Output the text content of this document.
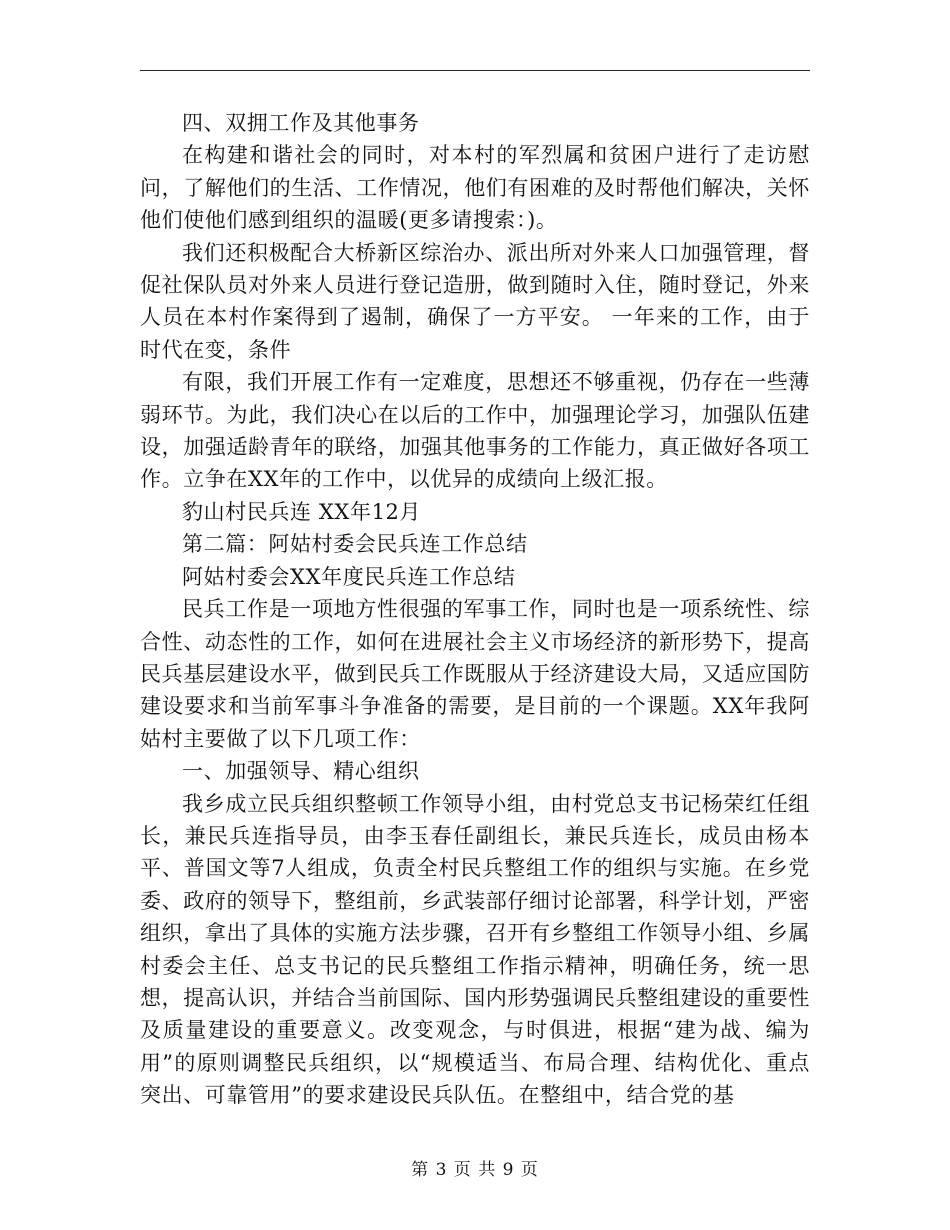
四、双拥工作及其他事务

在构建和谐社会的同时，对本村的军烈属和贫困户进行了走访慰问，了解他们的生活、工作情况，他们有困难的及时帮他们解决，关怀他们使他们感到组织的温暖(更多请搜索：)。

我们还积极配合大桥新区综治办、派出所对外来人口加强管理，督促社保队员对外来人员进行登记造册，做到随时入住，随时登记，外来人员在本村作案得到了遏制，确保了一方平安。 一年来的工作，由于时代在变，条件

有限，我们开展工作有一定难度，思想还不够重视，仍存在一些薄弱环节。为此，我们决心在以后的工作中，加强理论学习，加强队伍建设，加强适龄青年的联络，加强其他事务的工作能力，真正做好各项工作。立争在XX年的工作中，以优异的成绩向上级汇报。

豹山村民兵连 XX年12月

第二篇：阿姑村委会民兵连工作总结

阿姑村委会XX年度民兵连工作总结

民兵工作是一项地方性很强的军事工作，同时也是一项系统性、综合性、动态性的工作，如何在进展社会主义市场经济的新形势下，提高民兵基层建设水平，做到民兵工作既服从于经济建设大局，又适应国防建设要求和当前军事斗争准备的需要，是目前的一个课题。XX年我阿姑村主要做了以下几项工作：

一、加强领导、精心组织

我乡成立民兵组织整顿工作领导小组，由村党总支书记杨荣红任组长，兼民兵连指导员，由李玉春任副组长，兼民兵连长，成员由杨本平、普国文等7人组成，负责全村民兵整组工作的组织与实施。在乡党委、政府的领导下，整组前，乡武装部仔细讨论部署，科学计划，严密组织，拿出了具体的实施方法步骤，召开有乡整组工作领导小组、乡属村委会主任、总支书记的民兵整组工作指示精神，明确任务，统一思想，提高认识，并结合当前国际、国内形势强调民兵整组建设的重要性及质量建设的重要意义。改变观念，与时俱进，根据“建为战、编为用”的原则调整民兵组织，以“规模适当、布局合理、结构优化、重点突出、可靠管用”的要求建设民兵队伍。在整组中，结合党的基

第 3 页 共 9 页
